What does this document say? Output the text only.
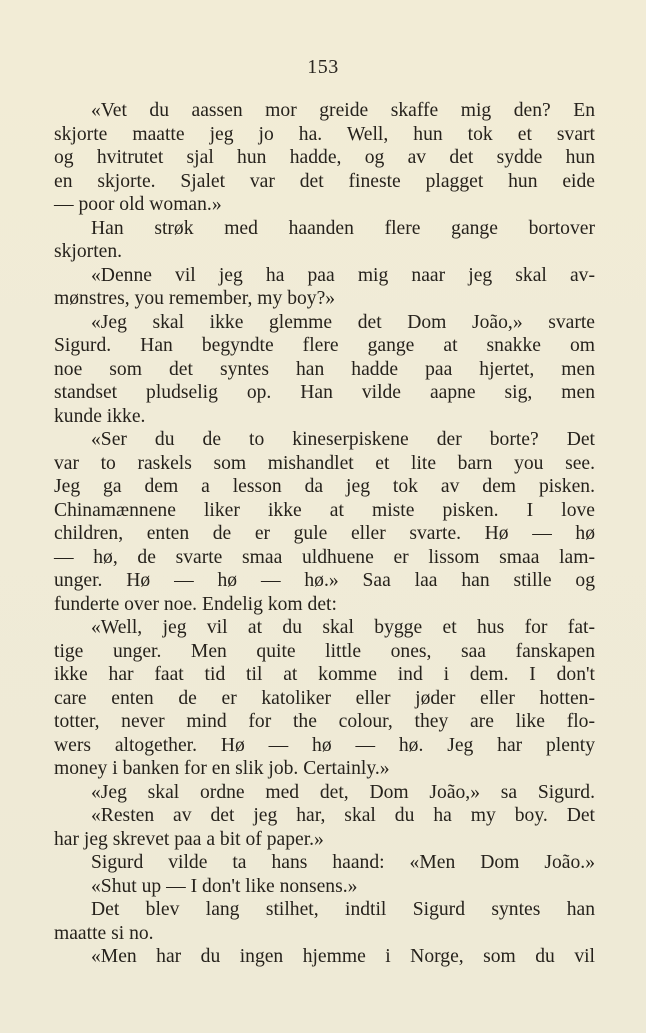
153
«Vet du aassen mor greide skaffe mig den? En
skjorte maatte jeg jo ha. Well, hun tok et svart
og hvitrutet sjal hun hadde, og av det sydde hun
en skjorte. Sjalet var det fineste plagget hun eide
— poor old woman.»
Han strøk med haanden flere gange bortover
skjorten.
«Denne vil jeg ha paa mig naar jeg skal av-
mønstres, you remember, my boy?»
«Jeg skal ikke glemme det Dom João,» svarte
Sigurd. Han begyndte flere gange at snakke om
noe som det syntes han hadde paa hjertet, men
standset pludselig op. Han vilde aapne sig, men
kunde ikke.
«Ser du de to kineserpiskene der borte? Det
var to raskels som mishandlet et lite barn you see.
Jeg ga dem a lesson da jeg tok av dem pisken.
Chinamænnene liker ikke at miste pisken. I love
children, enten de er gule eller svarte. Hø — hø
— hø, de svarte smaa uldhuene er lissom smaa lam-
unger. Hø — hø — hø.» Saa laa han stille og
funderte over noe. Endelig kom det:
«Well, jeg vil at du skal bygge et hus for fat-
tige unger. Men quite little ones, saa fanskapen
ikke har faat tid til at komme ind i dem. I don't
care enten de er katoliker eller jøder eller hotten-
totter, never mind for the colour, they are like flo-
wers altogether. Hø — hø — hø. Jeg har plenty
money i banken for en slik job. Certainly.»
«Jeg skal ordne med det, Dom João,» sa Sigurd.
«Resten av det jeg har, skal du ha my boy. Det
har jeg skrevet paa a bit of paper.»
Sigurd vilde ta hans haand: «Men Dom João.»
«Shut up — I don't like nonsens.»
Det blev lang stilhet, indtil Sigurd syntes han
maatte si no.
«Men har du ingen hjemme i Norge, som du vil
